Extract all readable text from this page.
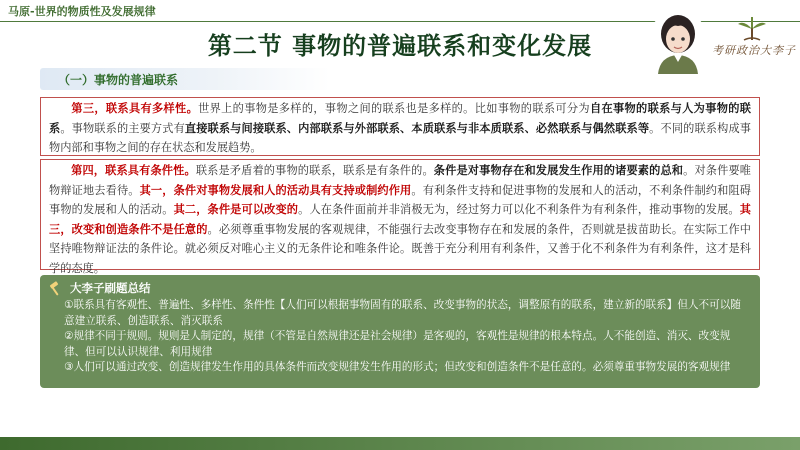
马原-世界的物质性及发展规律
第二节 事物的普遍联系和变化发展	考研政治大李子
（一）事物的普遍联系
第三，联系具有多样性。世界上的事物是多样的，事物之间的联系也是多样的。比如事物的联系可分为自在事物的联系与人为事物的联系。事物联系的主要方式有直接联系与间接联系、内部联系与外部联系、本质联系与非本质联系、必然联系与偶然联系等。不同的联系构成事物内部和事物之间的存在状态和发展趋势。
第四，联系具有条件性。联系是矛盾着的事物的联系，联系是有条件的。条件是对事物存在和发展发生作用的诸要素的总和。对条件要唯物辩证地去看待。其一，条件对事物发展和人的活动具有支持或制约作用。有利条件支持和促进事物的发展和人的活动，不利条件制约和阻碍事物的发展和人的活动。其二，条件是可以改变的。人在条件面前并非消极无为，经过努力可以化不利条件为有利条件，推动事物的发展。其三，改变和创造条件不是任意的。必须尊重事物发展的客观规律，不能强行去改变事物存在和发展的条件，否则就是拔苗助长。在实际工作中坚持唯物辩证法的条件论。就必须反对唯心主义的无条件论和唯条件论。既善于充分利用有利条件，又善于化不利条件为有利条件，这才是科学的态度。
大李子刷题总结
①联系具有客观性、普遍性、多样性、条件性【人们可以根据事物固有的联系、改变事物的状态，调整原有的联系，建立新的联系】但人不可以随意建立联系、创造联系、消灭联系
②规律不同于规则。规则是人制定的，规律（不管是自然规律还是社会规律）是客观的，客观性是规律的根本特点。人不能创造、消灭、改变规律、但可以认识规律、利用规律
③人们可以通过改变、创造规律发生作用的具体条件而改变规律发生作用的形式；但改变和创造条件不是任意的。必须尊重事物发展的客观规律
